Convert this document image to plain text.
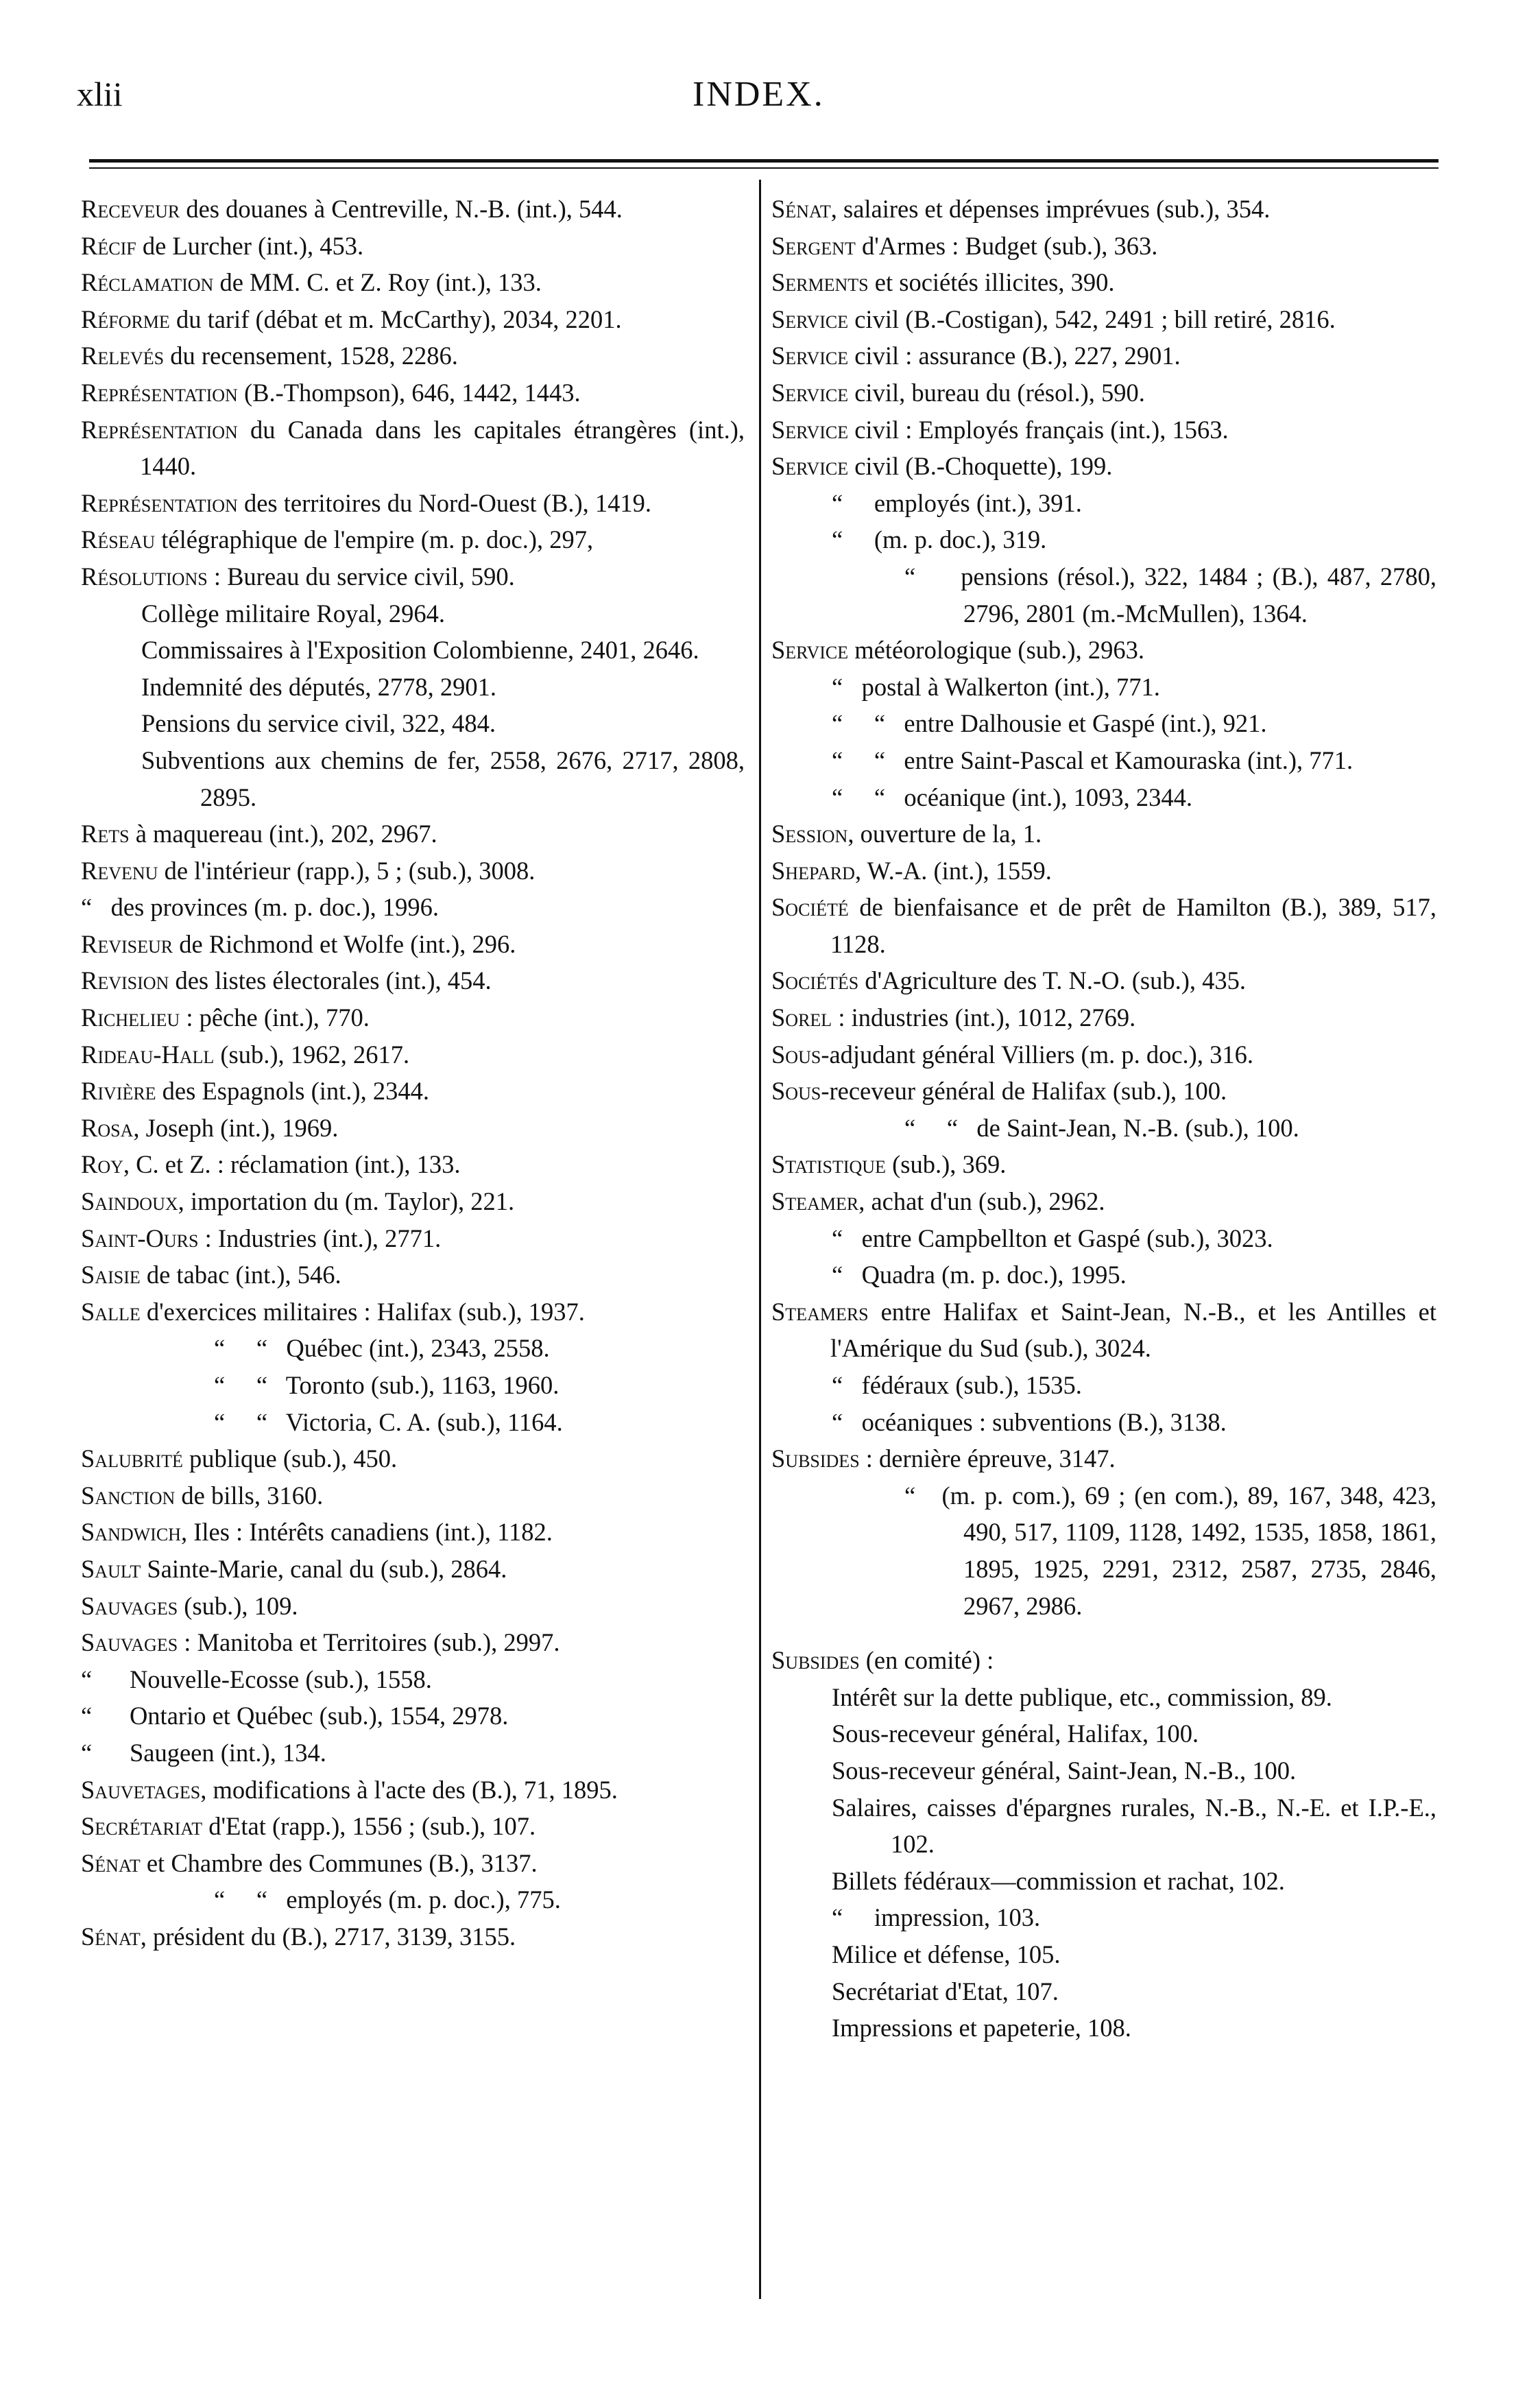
xlii	INDEX.
Receveur des douanes à Centreville, N.-B. (int.), 544.
Récif de Lurcher (int.), 453.
Réclamation de MM. C. et Z. Roy (int.), 133.
Réforme du tarif (débat et m. McCarthy), 2034, 2201.
Relevés du recensement, 1528, 2286.
Représentation (B.-Thompson), 646, 1442, 1443.
Représentation du Canada dans les capitales étrangères (int.), 1440.
Représentation des territoires du Nord-Ouest (B.), 1419.
Réseau télégraphique de l'empire (m. p. doc.), 297,
Résolutions : Bureau du service civil, 590.
Collège militaire Royal, 2964.
Commissaires à l'Exposition Colombienne, 2401, 2646.
Indemnité des députés, 2778, 2901.
Pensions du service civil, 322, 484.
Subventions aux chemins de fer, 2558, 2676, 2717, 2808, 2895.
Rets à maquereau (int.), 202, 2967.
Revenu de l'intérieur (rapp.), 5 ; (sub.), 3008.
“   des provinces (m. p. doc.), 1996.
Reviseur de Richmond et Wolfe (int.), 296.
Revision des listes électorales (int.), 454.
Richelieu : pêche (int.), 770.
Rideau-Hall (sub.), 1962, 2617.
Rivière des Espagnols (int.), 2344.
Rosa, Joseph (int.), 1969.
Roy, C. et Z. : réclamation (int.), 133.
Saindoux, importation du (m. Taylor), 221.
Saint-Ours : Industries (int.), 2771.
Saisie de tabac (int.), 546.
Salle d'exercices militaires : Halifax (sub.), 1937.
“     “   Québec (int.), 2343, 2558.
“     “   Toronto (sub.), 1163, 1960.
“     “   Victoria, C. A. (sub.), 1164.
Salubrité publique (sub.), 450.
Sanction de bills, 3160.
Sandwich, Iles : Intérêts canadiens (int.), 1182.
Sault Sainte-Marie, canal du (sub.), 2864.
Sauvages (sub.), 109.
Sauvages : Manitoba et Territoires (sub.), 2997.
“      Nouvelle-Ecosse (sub.), 1558.
“      Ontario et Québec (sub.), 1554, 2978.
“      Saugeen (int.), 134.
Sauvetages, modifications à l'acte des (B.), 71, 1895.
Secrétariat d'Etat (rapp.), 1556 ; (sub.), 107.
Sénat et Chambre des Communes (B.), 3137.
“     “   employés (m. p. doc.), 775.
Sénat, président du (B.), 2717, 3139, 3155.
Sénat, salaires et dépenses imprévues (sub.), 354.
Sergent d'Armes : Budget (sub.), 363.
Serments et sociétés illicites, 390.
Service civil (B.-Costigan), 542, 2491 ; bill retiré, 2816.
Service civil : assurance (B.), 227, 2901.
Service civil, bureau du (résol.), 590.
Service civil : Employés français (int.), 1563.
Service civil (B.-Choquette), 199.
“     employés (int.), 391.
“     (m. p. doc.), 319.
“     pensions (résol.), 322, 1484 ; (B.), 487, 2780, 2796, 2801 (m.-McMullen), 1364.
Service météorologique (sub.), 2963.
“   postal à Walkerton (int.), 771.
“     “   entre Dalhousie et Gaspé (int.), 921.
“     “   entre Saint-Pascal et Kamouraska (int.), 771.
“     “   océanique (int.), 1093, 2344.
Session, ouverture de la, 1.
Shepard, W.-A. (int.), 1559.
Société de bienfaisance et de prêt de Hamilton (B.), 389, 517, 1128.
Sociétés d'Agriculture des T. N.-O. (sub.), 435.
Sorel : industries (int.), 1012, 2769.
Sous-adjudant général Villiers (m. p. doc.), 316.
Sous-receveur général de Halifax (sub.), 100.
“     “   de Saint-Jean, N.-B. (sub.), 100.
Statistique (sub.), 369.
Steamer, achat d'un (sub.), 2962.
“   entre Campbellton et Gaspé (sub.), 3023.
“   Quadra (m. p. doc.), 1995.
Steamers entre Halifax et Saint-Jean, N.-B., et les Antilles et l'Amérique du Sud (sub.), 3024.
“   fédéraux (sub.), 1535.
“   océaniques : subventions (B.), 3138.
Subsides : dernière épreuve, 3147.
“   (m. p. com.), 69 ; (en com.), 89, 167, 348, 423, 490, 517, 1109, 1128, 1492, 1535, 1858, 1861, 1895, 1925, 2291, 2312, 2587, 2735, 2846, 2967, 2986.
Subsides (en comité) :
Intérêt sur la dette publique, etc., commission, 89.
Sous-receveur général, Halifax, 100.
Sous-receveur général, Saint-Jean, N.-B., 100.
Salaires, caisses d'épargnes rurales, N.-B., N.-E. et I.P.-E., 102.
Billets fédéraux—commission et rachat, 102.
“     impression, 103.
Milice et défense, 105.
Secrétariat d'Etat, 107.
Impressions et papeterie, 108.
